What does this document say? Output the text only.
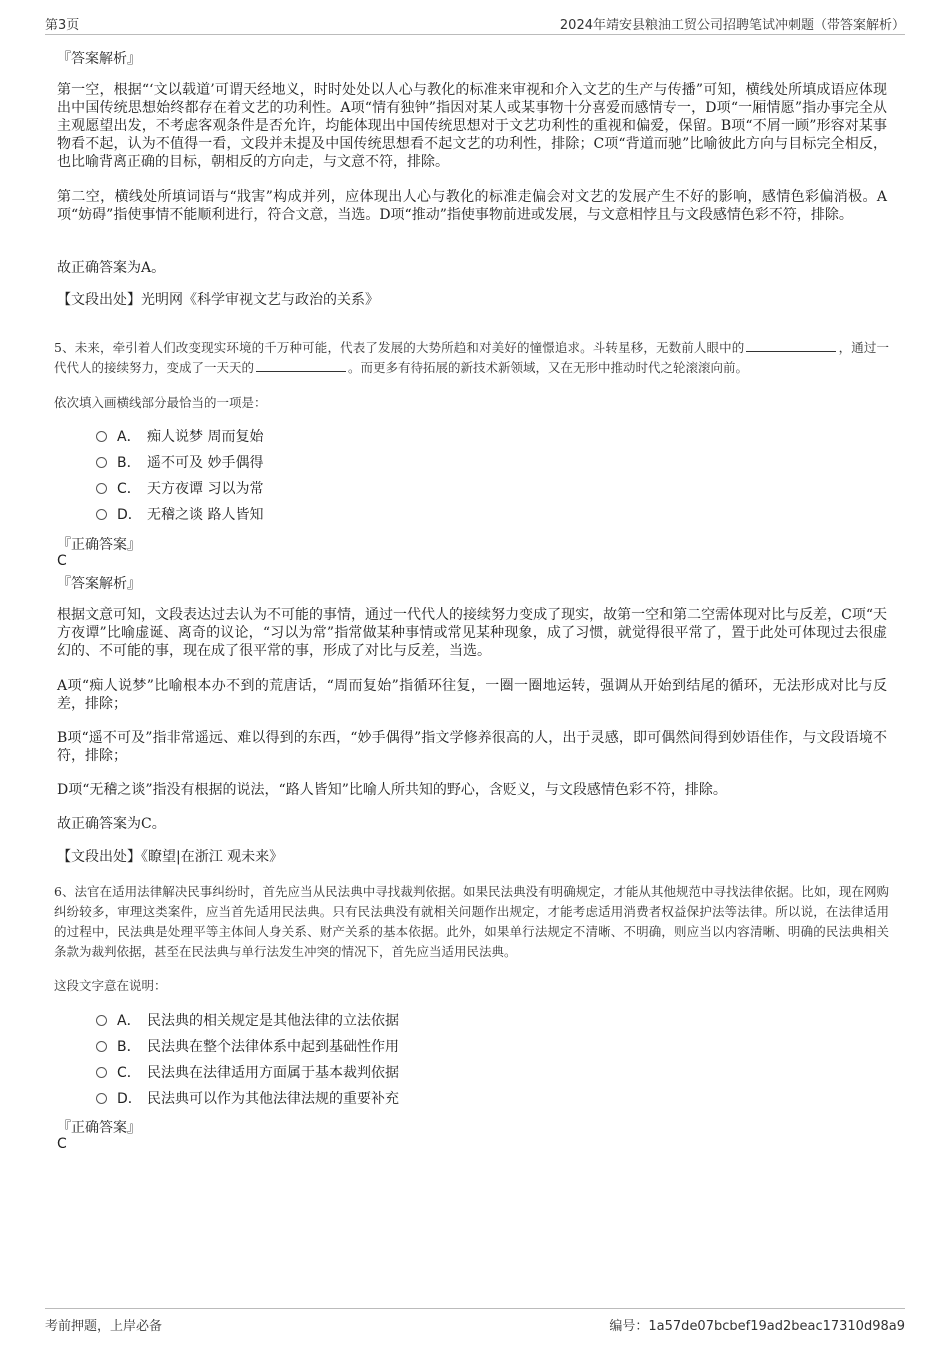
第3页	2024年靖安县粮油工贸公司招聘笔试冲刺题（带答案解析）
『答案解析』
第一空，根据“‘文以载道’可谓天经地义，时时处处以人心与教化的标准来审视和介入文艺的生产与传播”可知，横线处所填成语应体现出中国传统思想始终都存在着文艺的功利性。A项“情有独钟”指因对某人或某事物十分喜爱而感情专一，D项“一厢情愿”指办事完全从主观愿望出发，不考虑客观条件是否允许，均能体现出中国传统思想对于文艺功利性的重视和偏爱，保留。B项“不屑一顾”形容对某事物看不起，认为不值得一看，文段并未提及中国传统思想看不起文艺的功利性，排除；C项“背道而驰”比喻彼此方向与目标完全相反，也比喻背离正确的目标，朝相反的方向走，与文意不符，排除。
第二空，横线处所填词语与“戕害”构成并列，应体现出人心与教化的标准走偏会对文艺的发展产生不好的影响，感情色彩偏消极。A项“妨碍”指使事情不能顺利进行，符合文意，当选。D项“推动”指使事物前进或发展，与文意相悖且与文段感情色彩不符，排除。
故正确答案为A。
【文段出处】光明网《科学审视文艺与政治的关系》
5、未来，牵引着人们改变现实环境的千万种可能，代表了发展的大势所趋和对美好的憧憬追求。斗转星移，无数前人眼中的	，通过一代代人的接续努力，变成了一天天的	。而更多有待拓展的新技术新领域，又在无形中推动时代之轮滚滚向前。
依次填入画横线部分最恰当的一项是：
A． 痴人说梦 周而复始
B． 遥不可及 妙手偶得
C． 天方夜谭 习以为常
D． 无稽之谈 路人皆知
『正确答案』
C
『答案解析』
根据文意可知，文段表达过去认为不可能的事情，通过一代代人的接续努力变成了现实，故第一空和第二空需体现对比与反差，C项“天方夜谭”比喻虚诞、离奇的议论，“习以为常”指常做某种事情或常见某种现象，成了习惯，就觉得很平常了，置于此处可体现过去很虚幻的、不可能的事，现在成了很平常的事，形成了对比与反差，当选。
A项“痴人说梦”比喻根本办不到的荒唐话，“周而复始”指循环往复，一圈一圈地运转，强调从开始到结尾的循环，无法形成对比与反差，排除；
B项“遥不可及”指非常遥远、难以得到的东西，“妙手偶得”指文学修养很高的人，出于灵感，即可偶然间得到妙语佳作，与文段语境不符，排除；
D项“无稽之谈”指没有根据的说法，“路人皆知”比喻人所共知的野心，含贬义，与文段感情色彩不符，排除。
故正确答案为C。
【文段出处】《瞭望|在浙江 观未来》
6、法官在适用法律解决民事纠纷时，首先应当从民法典中寻找裁判依据。如果民法典没有明确规定，才能从其他规范中寻找法律依据。比如，现在网购纠纷较多，审理这类案件，应当首先适用民法典。只有民法典没有就相关问题作出规定，才能考虑适用消费者权益保护法等法律。所以说，在法律适用的过程中，民法典是处理平等主体间人身关系、财产关系的基本依据。此外，如果单行法规定不清晰、不明确，则应当以内容清晰、明确的民法典相关条款为裁判依据，甚至在民法典与单行法发生冲突的情况下，首先应当适用民法典。
这段文字意在说明：
A． 民法典的相关规定是其他法律的立法依据
B． 民法典在整个法律体系中起到基础性作用
C． 民法典在法律适用方面属于基本裁判依据
D． 民法典可以作为其他法律法规的重要补充
『正确答案』
C
考前押题，上岸必备	编号：1a57de07bcbef19ad2beac17310d98a9
